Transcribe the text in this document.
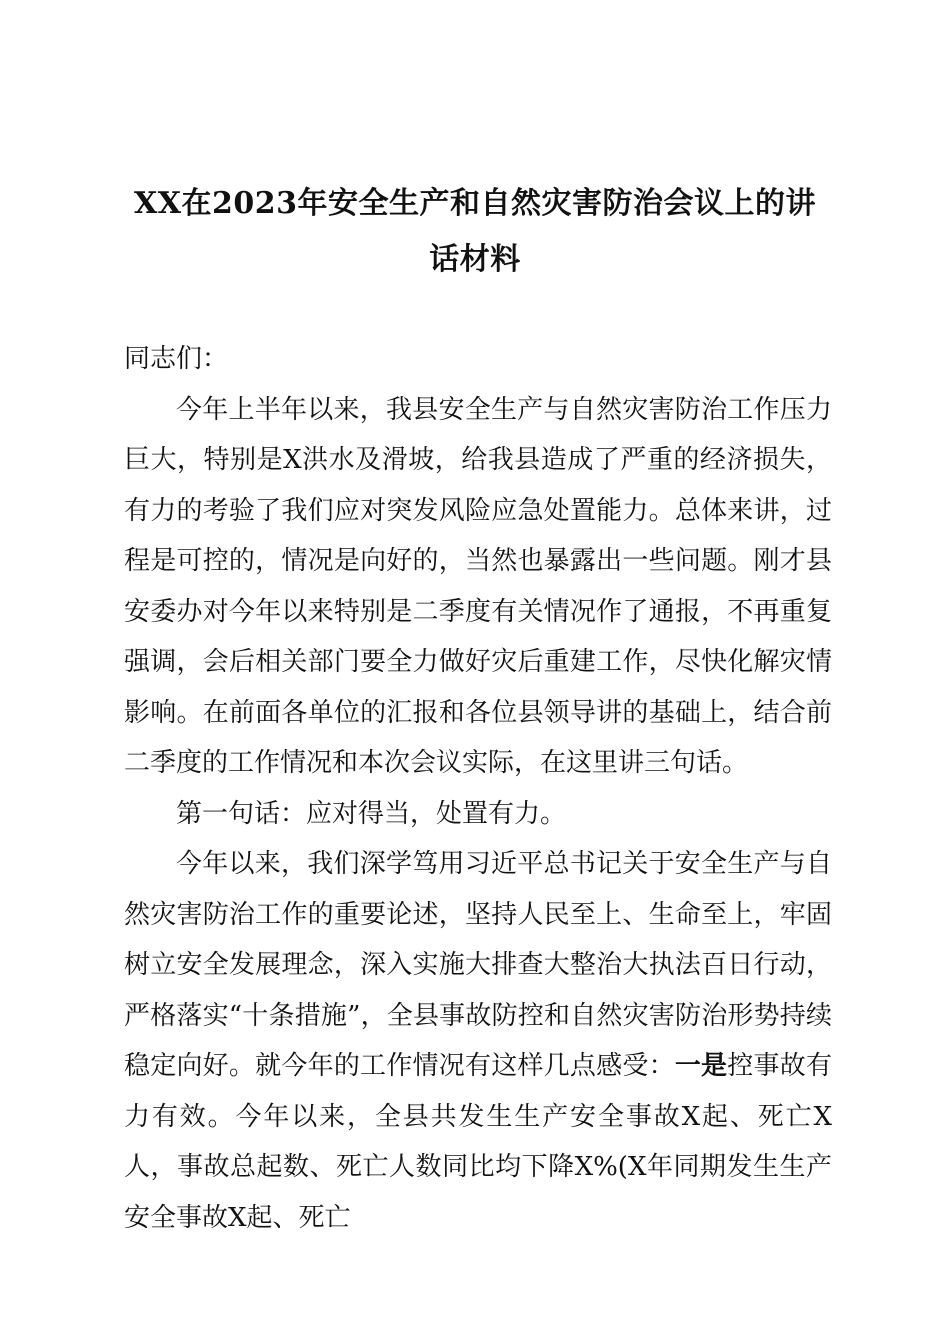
XX在2023年安全生产和自然灾害防治会议上的讲话材料

同志们：

今年上半年以来，我县安全生产与自然灾害防治工作压力巨大，特别是X洪水及滑坡，给我县造成了严重的经济损失，有力的考验了我们应对突发风险应急处置能力。总体来讲，过程是可控的，情况是向好的，当然也暴露出一些问题。刚才县安委办对今年以来特别是二季度有关情况作了通报，不再重复强调，会后相关部门要全力做好灾后重建工作，尽快化解灾情影响。在前面各单位的汇报和各位县领导讲的基础上，结合前二季度的工作情况和本次会议实际，在这里讲三句话。

第一句话：应对得当，处置有力。

今年以来，我们深学笃用习近平总书记关于安全生产与自然灾害防治工作的重要论述，坚持人民至上、生命至上，牢固树立安全发展理念，深入实施大排查大整治大执法百日行动，严格落实“十条措施”，全县事故防控和自然灾害防治形势持续稳定向好。就今年的工作情况有这样几点感受：一是控事故有力有效。今年以来，全县共发生生产安全事故X起、死亡X人，事故总起数、死亡人数同比均下降X%(X年同期发生生产安全事故X起、死亡
